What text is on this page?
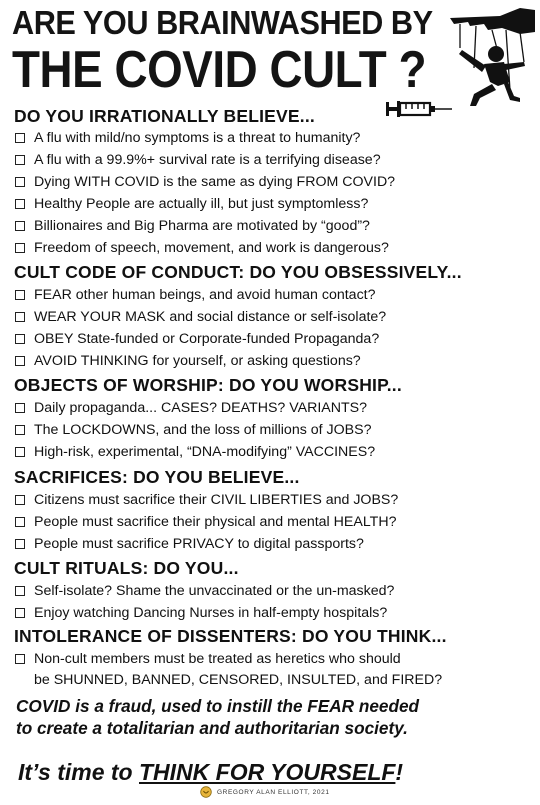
ARE YOU BRAINWASHED BY
THE COVID CULT ?
DO YOU IRRATIONALLY BELIEVE...
A flu with mild/no symptoms is a threat to humanity?
A flu with a 99.9%+ survival rate is a terrifying disease?
Dying WITH COVID is the same as dying FROM COVID?
Healthy People are actually ill, but just symptomless?
Billionaires and Big Pharma are motivated by “good”?
Freedom of speech, movement, and work is dangerous?
CULT CODE OF CONDUCT: DO YOU OBSESSIVELY...
FEAR other human beings, and avoid human contact?
WEAR YOUR MASK and social distance or self-isolate?
OBEY State-funded or Corporate-funded Propaganda?
AVOID THINKING for yourself, or asking questions?
OBJECTS OF WORSHIP: DO YOU WORSHIP...
Daily propaganda... CASES? DEATHS? VARIANTS?
The LOCKDOWNS, and the loss of millions of JOBS?
High-risk, experimental, “DNA-modifying” VACCINES?
SACRIFICES: DO YOU BELIEVE...
Citizens must sacrifice their CIVIL LIBERTIES and JOBS?
People must sacrifice their physical and mental HEALTH?
People must sacrifice PRIVACY to digital passports?
CULT RITUALS: DO YOU...
Self-isolate? Shame the unvaccinated or the un-masked?
Enjoy watching Dancing Nurses in half-empty hospitals?
INTOLERANCE OF DISSENTERS: DO YOU THINK...
Non-cult members must be treated as heretics who should
be SHUNNED, BANNED, CENSORED, INSULTED, and FIRED?
COVID is a fraud, used to instill the FEAR needed
to create a totalitarian and authoritarian society.
It’s time to THINK FOR YOURSELF!
GREGORY ALAN ELLIOTT, 2021
